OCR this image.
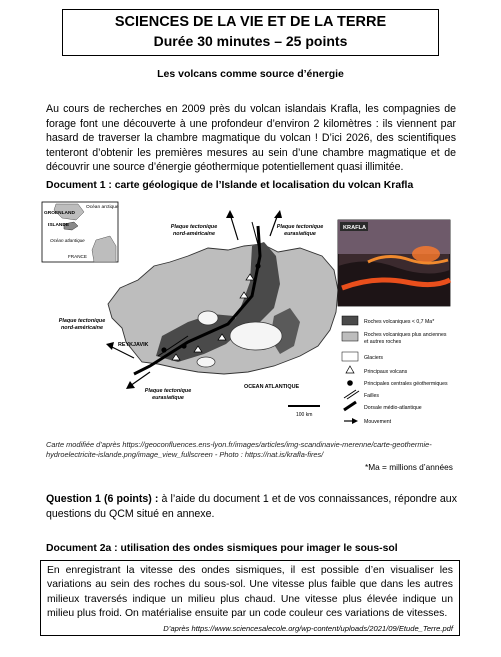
SCIENCES DE LA VIE ET DE LA TERRE
Durée 30 minutes – 25 points
Les volcans comme source d’énergie

Au cours de recherches en 2009 près du volcan islandais Krafla, les compagnies de forage font une découverte à une profondeur d’environ 2 kilomètres : ils viennent par hasard de traverser la chambre magmatique du volcan ! D’ici 2026, des scientifiques tenteront d’obtenir les premières mesures au sein d’une chambre magmatique et de découvrir une source d’énergie géothermique potentiellement quasi illimitée.

Document 1 : carte géologique de l’Islande et localisation du volcan Krafla
Océan arctique
GROENLAND
ISLANDE
Océan atlantique
FRANCE
Plaque tectonique
nord-américaine
Plaque tectonique
eurasiatique
Plaque tectonique
nord-américaine
Plaque tectonique
eurasiatique
REYKJAVIK
OCEAN ATLANTIQUE
100 km
KRAFLA
Roches volcaniques < 0,7 Ma*
Roches volcaniques plus anciennes
et autres roches
Glaciers
Principaux volcans
Principales centrales géothermiques
Failles
Dorsale médio-atlantique
Mouvement
Carte modifiée d’après https://geoconfluences.ens-lyon.fr/images/articles/img-scandinavie-merenne/carte-geothermie-hydroelectricite-islande.png/image_view_fullscreen - Photo : https://nat.is/krafla-fires/
*Ma = millions d’années

Question 1 (6 points) : à l’aide du document 1 et de vos connaissances, répondre aux questions du QCM situé en annexe.

Document 2a : utilisation des ondes sismiques pour imager le sous-sol

En enregistrant la vitesse des ondes sismiques, il est possible d’en visualiser les variations au sein des roches du sous-sol. Une vitesse plus faible que dans les autres milieux traversés indique un milieu plus chaud. Une vitesse plus élevée indique un milieu plus froid. On matérialise ensuite par un code couleur ces variations de vitesses.

D’après https://www.sciencesalecole.org/wp-content/uploads/2021/09/Etude_Terre.pdf
